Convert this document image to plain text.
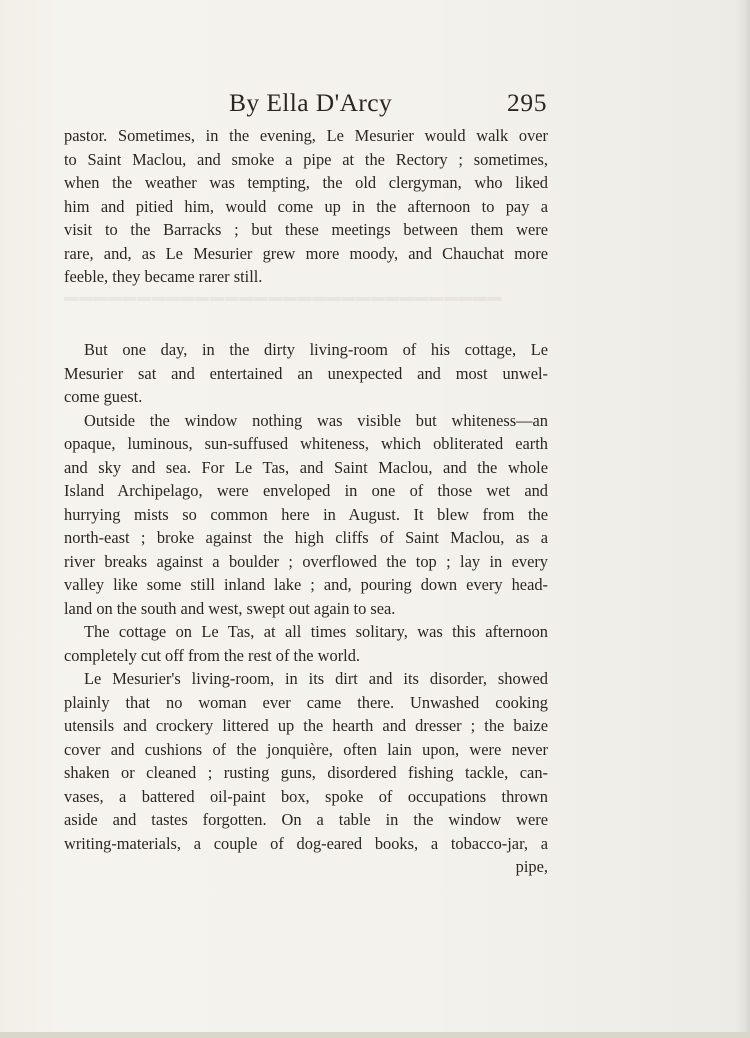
▬▬▬▬▬▬▬▬▬▬▬▬▬▬▬▬▬▬▬▬▬▬▬▬▬▬▬▬▬▬
By Ella D'Arcy	295
pastor. Sometimes, in the evening, Le Mesurier would walk over
to Saint Maclou, and smoke a pipe at the Rectory ; sometimes,
when the weather was tempting, the old clergyman, who liked
him and pitied him, would come up in the afternoon to pay a
visit to the Barracks ; but these meetings between them were
rare, and, as Le Mesurier grew more moody, and Chauchat more
feeble, they became rarer still.
But one day, in the dirty living-room of his cottage, Le
Mesurier sat and entertained an unexpected and most unwel-
come guest.
Outside the window nothing was visible but whiteness—an
opaque, luminous, sun-suffused whiteness, which obliterated earth
and sky and sea. For Le Tas, and Saint Maclou, and the whole
Island Archipelago, were enveloped in one of those wet and
hurrying mists so common here in August. It blew from the
north-east ; broke against the high cliffs of Saint Maclou, as a
river breaks against a boulder ; overflowed the top ; lay in every
valley like some still inland lake ; and, pouring down every head-
land on the south and west, swept out again to sea.
The cottage on Le Tas, at all times solitary, was this afternoon
completely cut off from the rest of the world.
Le Mesurier's living-room, in its dirt and its disorder, showed
plainly that no woman ever came there. Unwashed cooking
utensils and crockery littered up the hearth and dresser ; the baize
cover and cushions of the jonquière, often lain upon, were never
shaken or cleaned ; rusting guns, disordered fishing tackle, can-
vases, a battered oil-paint box, spoke of occupations thrown
aside and tastes forgotten. On a table in the window were
writing-materials, a couple of dog-eared books, a tobacco-jar, a
pipe,
